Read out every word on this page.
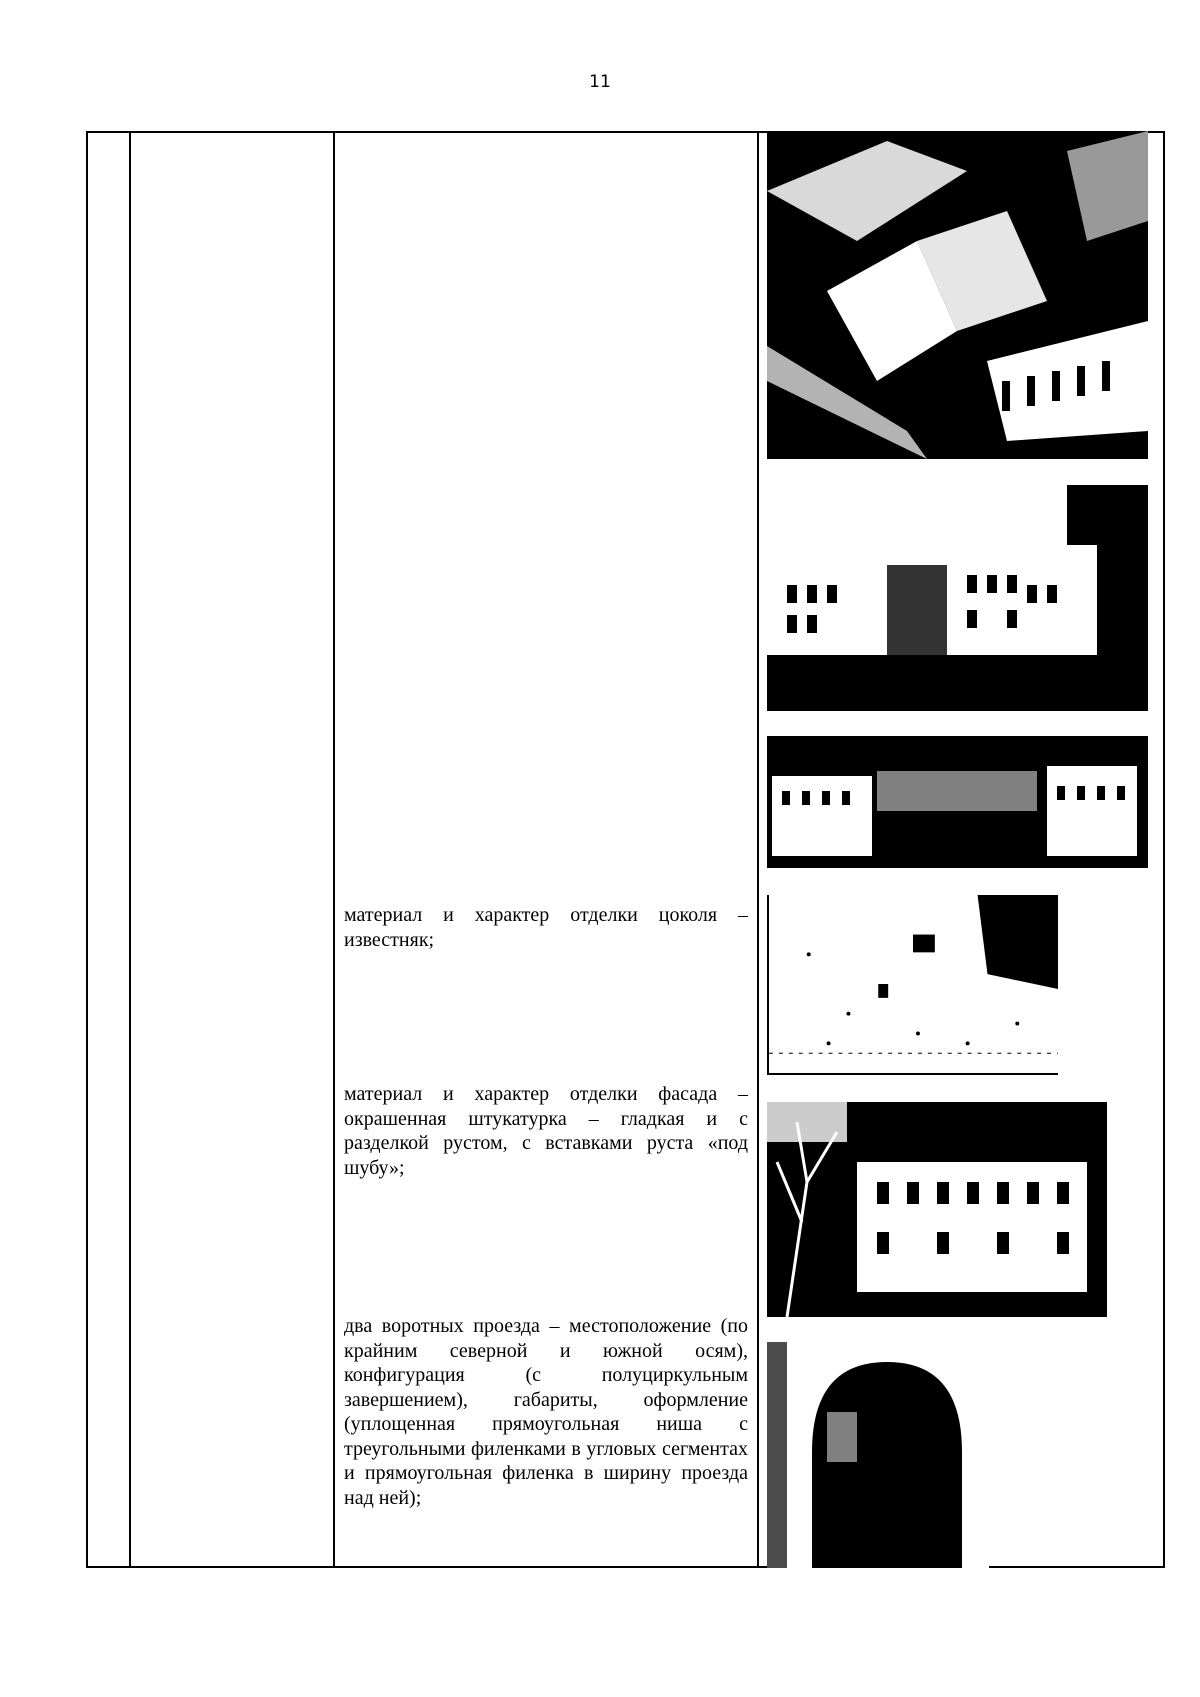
11
материал и характер отделки цоколя – известняк;
материал и характер отделки фасада – окрашенная штукатурка – гладкая и с разделкой рустом, с вставками руста «под шубу»;
два воротных проезда – местоположение (по крайним северной и южной осям), конфигурация (с полуциркульным завершением), габариты, оформление (уплощенная прямоугольная ниша с треугольными филенками в угловых сегментах и прямоугольная филенка в ширину проезда над ней);
